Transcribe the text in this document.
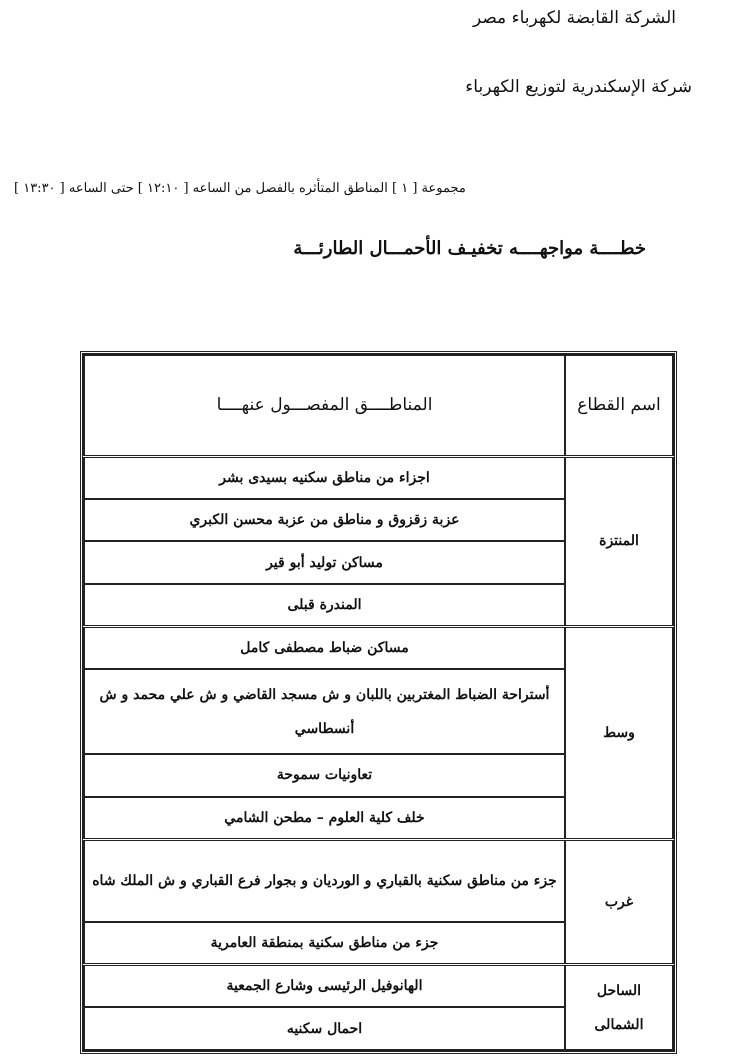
الشركة القابضة لكهرباء مصر
شركة الإسكندرية لتوزيع الكهرباء
مجموعة [ ١ ] المناطق المتأثره بالفصل من الساعه [ ١٢:١٠ ] حتى الساعه [ ١٣:٣٠ ]
خطــــة مواجهــــه تخفيـف الأحمـــال الطارئـــة
اسم القطاع	المناطــــق المفصـــول عنهــــا
المنتزة	اجزاء من مناطق سكنيه بسيدى بشر
	عزبة زقزوق و مناطق من عزبة محسن الكبري
	مساكن توليد أبو قير
	المندرة قبلى
وسط	مساكن ضباط مصطفى كامل
	أستراحة الضباط المغتربين باللبان و ش مسجد القاضي و ش علي محمد و ش أنسطاسي
	تعاونيات سموحة
	خلف كلية العلوم – مطحن الشامي
غرب	جزء من مناطق سكنية بالقباري و الورديان و بجوار فرع القباري و ش الملك شاه
	جزء من مناطق سكنية بمنطقة العامرية
الساحل الشمالى	الهانوفيل الرئيسى وشارع الجمعية
	احمال سكنيه
